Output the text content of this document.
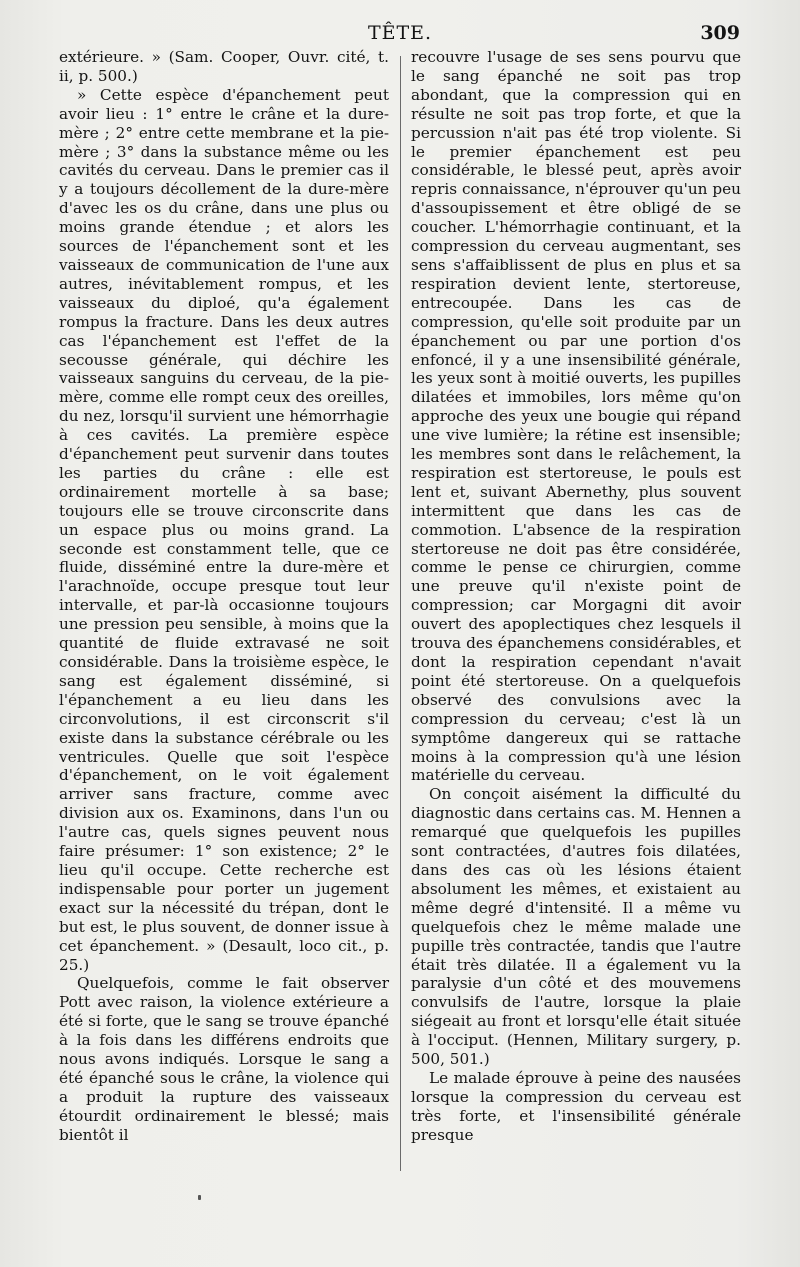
TÊTE.	309

extérieure. » (Sam. Cooper, Ouvr. cité, t. ii, p. 500.)

» Cette espèce d'épanchement peut avoir lieu : 1° entre le crâne et la dure-mère ; 2° entre cette membrane et la pie-mère ; 3° dans la substance même ou les cavités du cerveau. Dans le premier cas il y a toujours décollement de la dure-mère d'avec les os du crâne, dans une plus ou moins grande étendue ; et alors les sources de l'épanchement sont et les vaisseaux de communication de l'une aux autres, inévitablement rompus, et les vaisseaux du diploé, qu'a également rompus la fracture. Dans les deux autres cas l'épanchement est l'effet de la secousse générale, qui déchire les vaisseaux sanguins du cerveau, de la pie-mère, comme elle rompt ceux des oreilles, du nez, lorsqu'il survient une hémorrhagie à ces cavités. La première espèce d'épanchement peut survenir dans toutes les parties du crâne : elle est ordinairement mortelle à sa base; toujours elle se trouve circonscrite dans un espace plus ou moins grand. La seconde est constamment telle, que ce fluide, disséminé entre la dure-mère et l'arachnoïde, occupe presque tout leur intervalle, et par-là occasionne toujours une pression peu sensible, à moins que la quantité de fluide extravasé ne soit considérable. Dans la troisième espèce, le sang est également disséminé, si l'épanchement a eu lieu dans les circonvolutions, il est circonscrit s'il existe dans la substance cérébrale ou les ventricules. Quelle que soit l'espèce d'épanchement, on le voit également arriver sans fracture, comme avec division aux os. Examinons, dans l'un ou l'autre cas, quels signes peuvent nous faire présumer: 1° son existence; 2° le lieu qu'il occupe. Cette recherche est indispensable pour porter un jugement exact sur la nécessité du trépan, dont le but est, le plus souvent, de donner issue à cet épanchement. » (Desault, loco cit., p. 25.)

Quelquefois, comme le fait observer Pott avec raison, la violence extérieure a été si forte, que le sang se trouve épanché à la fois dans les différens endroits que nous avons indiqués. Lorsque le sang a été épanché sous le crâne, la violence qui a produit la rupture des vaisseaux étourdit ordinairement le blessé; mais bientôt il

recouvre l'usage de ses sens pourvu que le sang épanché ne soit pas trop abondant, que la compression qui en résulte ne soit pas trop forte, et que la percussion n'ait pas été trop violente. Si le premier épanchement est peu considérable, le blessé peut, après avoir repris connaissance, n'éprouver qu'un peu d'assoupissement et être obligé de se coucher. L'hémorrhagie continuant, et la compression du cerveau augmentant, ses sens s'affaiblissent de plus en plus et sa respiration devient lente, stertoreuse, entrecoupée. Dans les cas de compression, qu'elle soit produite par un épanchement ou par une portion d'os enfoncé, il y a une insensibilité générale, les yeux sont à moitié ouverts, les pupilles dilatées et immobiles, lors même qu'on approche des yeux une bougie qui répand une vive lumière; la rétine est insensible; les membres sont dans le relâchement, la respiration est stertoreuse, le pouls est lent et, suivant Abernethy, plus souvent intermittent que dans les cas de commotion. L'absence de la respiration stertoreuse ne doit pas être considérée, comme le pense ce chirurgien, comme une preuve qu'il n'existe point de compression; car Morgagni dit avoir ouvert des apoplectiques chez lesquels il trouva des épanchemens considérables, et dont la respiration cependant n'avait point été stertoreuse. On a quelquefois observé des convulsions avec la compression du cerveau; c'est là un symptôme dangereux qui se rattache moins à la compression qu'à une lésion matérielle du cerveau.

On conçoit aisément la difficulté du diagnostic dans certains cas. M. Hennen a remarqué que quelquefois les pupilles sont contractées, d'autres fois dilatées, dans des cas où les lésions étaient absolument les mêmes, et existaient au même degré d'intensité. Il a même vu quelquefois chez le même malade une pupille très contractée, tandis que l'autre était très dilatée. Il a également vu la paralysie d'un côté et des mouvemens convulsifs de l'autre, lorsque la plaie siégeait au front et lorsqu'elle était située à l'occiput. (Hennen, Military surgery, p. 500, 501.)

Le malade éprouve à peine des nausées lorsque la compression du cerveau est très forte, et l'insensibilité générale presque
